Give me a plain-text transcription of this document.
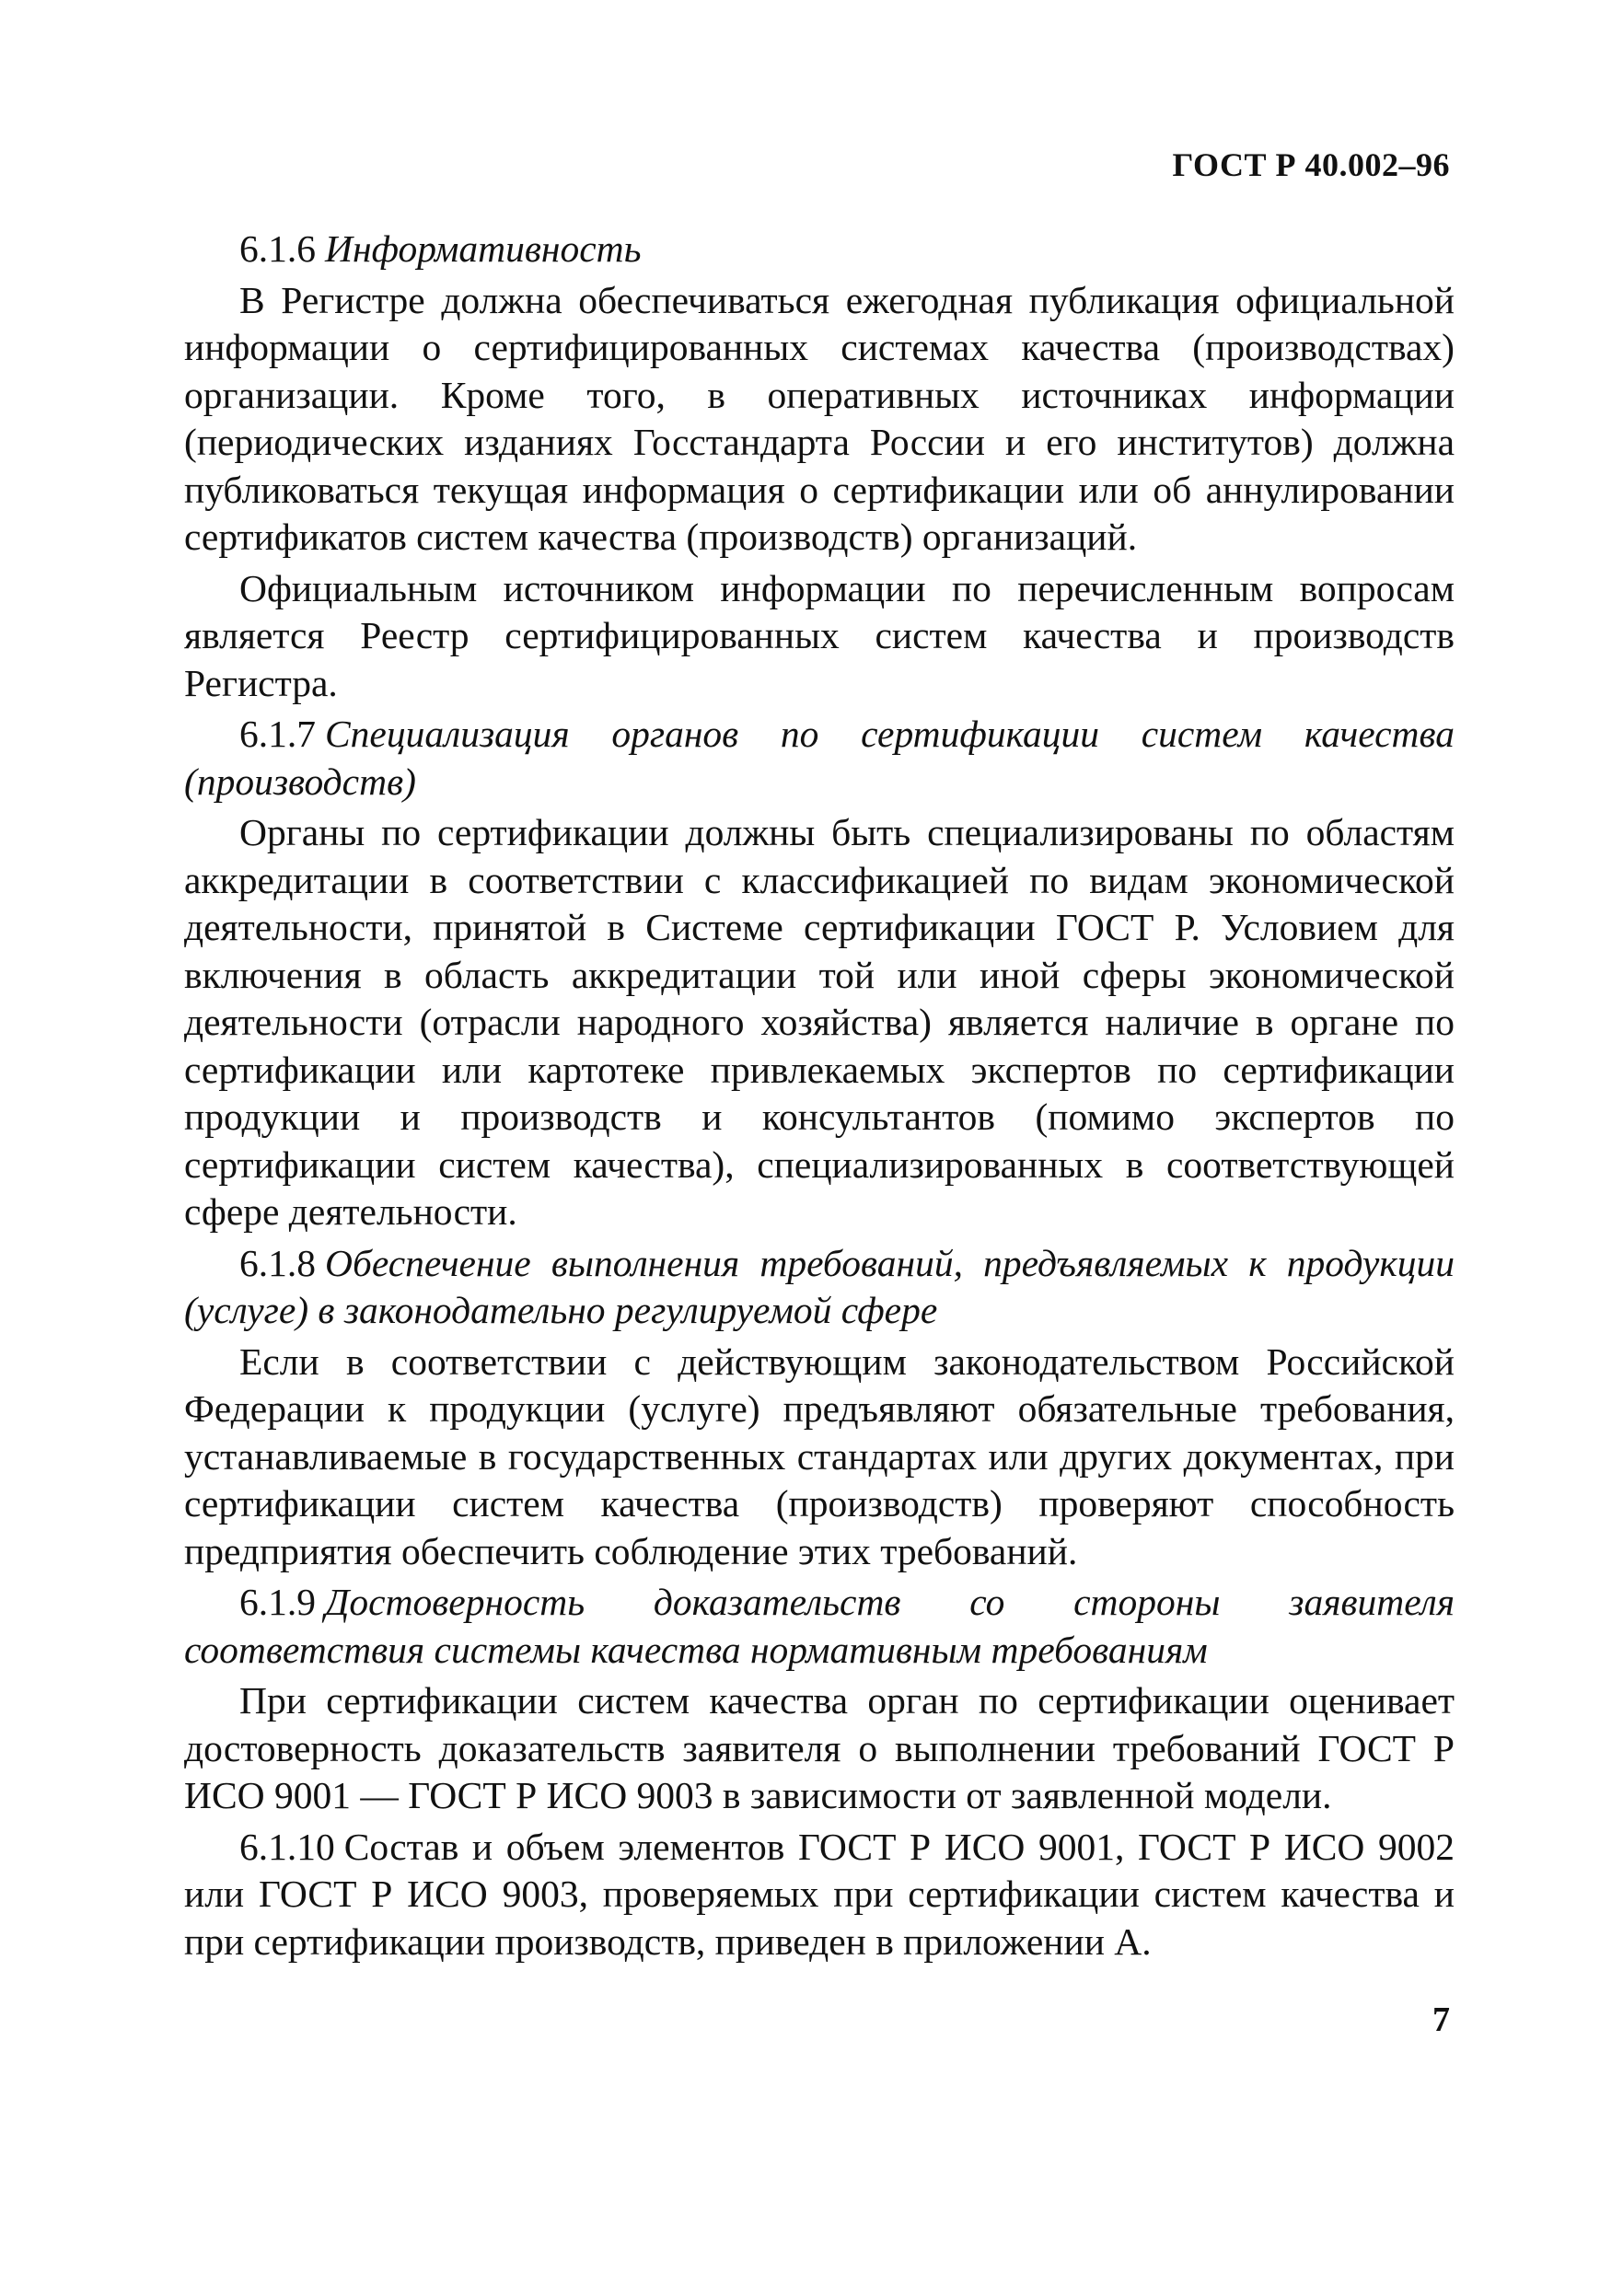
ГОСТ Р 40.002–96

6.1.6 Информативность

В Регистре должна обеспечиваться ежегодная публикация официальной информации о сертифицированных системах качества (производствах) организации. Кроме того, в оперативных источниках информации (периодических изданиях Госстандарта России и его институтов) должна публиковаться текущая информация о сертификации или об аннулировании сертификатов систем качества (производств) организаций.

Официальным источником информации по перечисленным вопросам является Реестр сертифицированных систем качества и производств Регистра.

6.1.7 Специализация органов по сертификации систем качества (производств)

Органы по сертификации должны быть специализированы по областям аккредитации в соответствии с классификацией по видам экономической деятельности, принятой в Системе сертификации ГОСТ Р. Условием для включения в область аккредитации той или иной сферы экономической деятельности (отрасли народного хозяйства) является наличие в органе по сертификации или картотеке привлекаемых экспертов по сертификации продукции и производств и консультантов (помимо экспертов по сертификации систем качества), специализированных в соответствующей сфере деятельности.

6.1.8 Обеспечение выполнения требований, предъявляемых к продукции (услуге) в законодательно регулируемой сфере

Если в соответствии с действующим законодательством Российской Федерации к продукции (услуге) предъявляют обязательные требования, устанавливаемые в государственных стандартах или других документах, при сертификации систем качества (производств) проверяют способность предприятия обеспечить соблюдение этих требований.

6.1.9 Достоверность доказательств со стороны заявителя соответствия системы качества нормативным требованиям

При сертификации систем качества орган по сертификации оценивает достоверность доказательств заявителя о выполнении требований ГОСТ Р ИСО 9001 — ГОСТ Р ИСО 9003 в зависимости от заявленной модели.

6.1.10 Состав и объем элементов ГОСТ Р ИСО 9001, ГОСТ Р ИСО 9002 или ГОСТ Р ИСО 9003, проверяемых при сертификации систем качества и при сертификации производств, приведен в приложении А.

7
